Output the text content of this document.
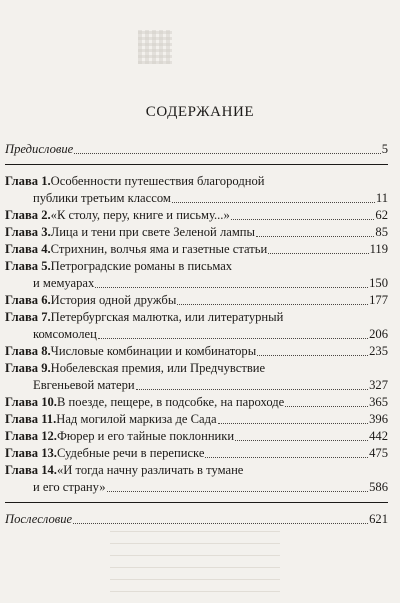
СОДЕРЖАНИЕ
Предисловие	5
Глава 1. Особенности путешествия благородной
публики третьим классом	11
Глава 2. «К столу, перу, книге и письму...»	62
Глава 3. Лица и тени при свете Зеленой лампы	85
Глава 4. Стрихнин, волчья яма и газетные статьи	119
Глава 5. Петроградские романы в письмах
и мемуарах	150
Глава 6. История одной дружбы	177
Глава 7. Петербургская малютка, или литературный
комсомолец	206
Глава 8. Числовые комбинации и комбинаторы	235
Глава 9. Нобелевская премия, или Предчувствие
Евгеньевой матери	327
Глава 10. В поезде, пещере, в подсобке, на пароходе	365
Глава 11. Над могилой маркиза де Сада	396
Глава 12. Фюрер и его тайные поклонники	442
Глава 13. Судебные речи в переписке	475
Глава 14. «И тогда начну различать в тумане
и его страну»	586
Послесловие	621
